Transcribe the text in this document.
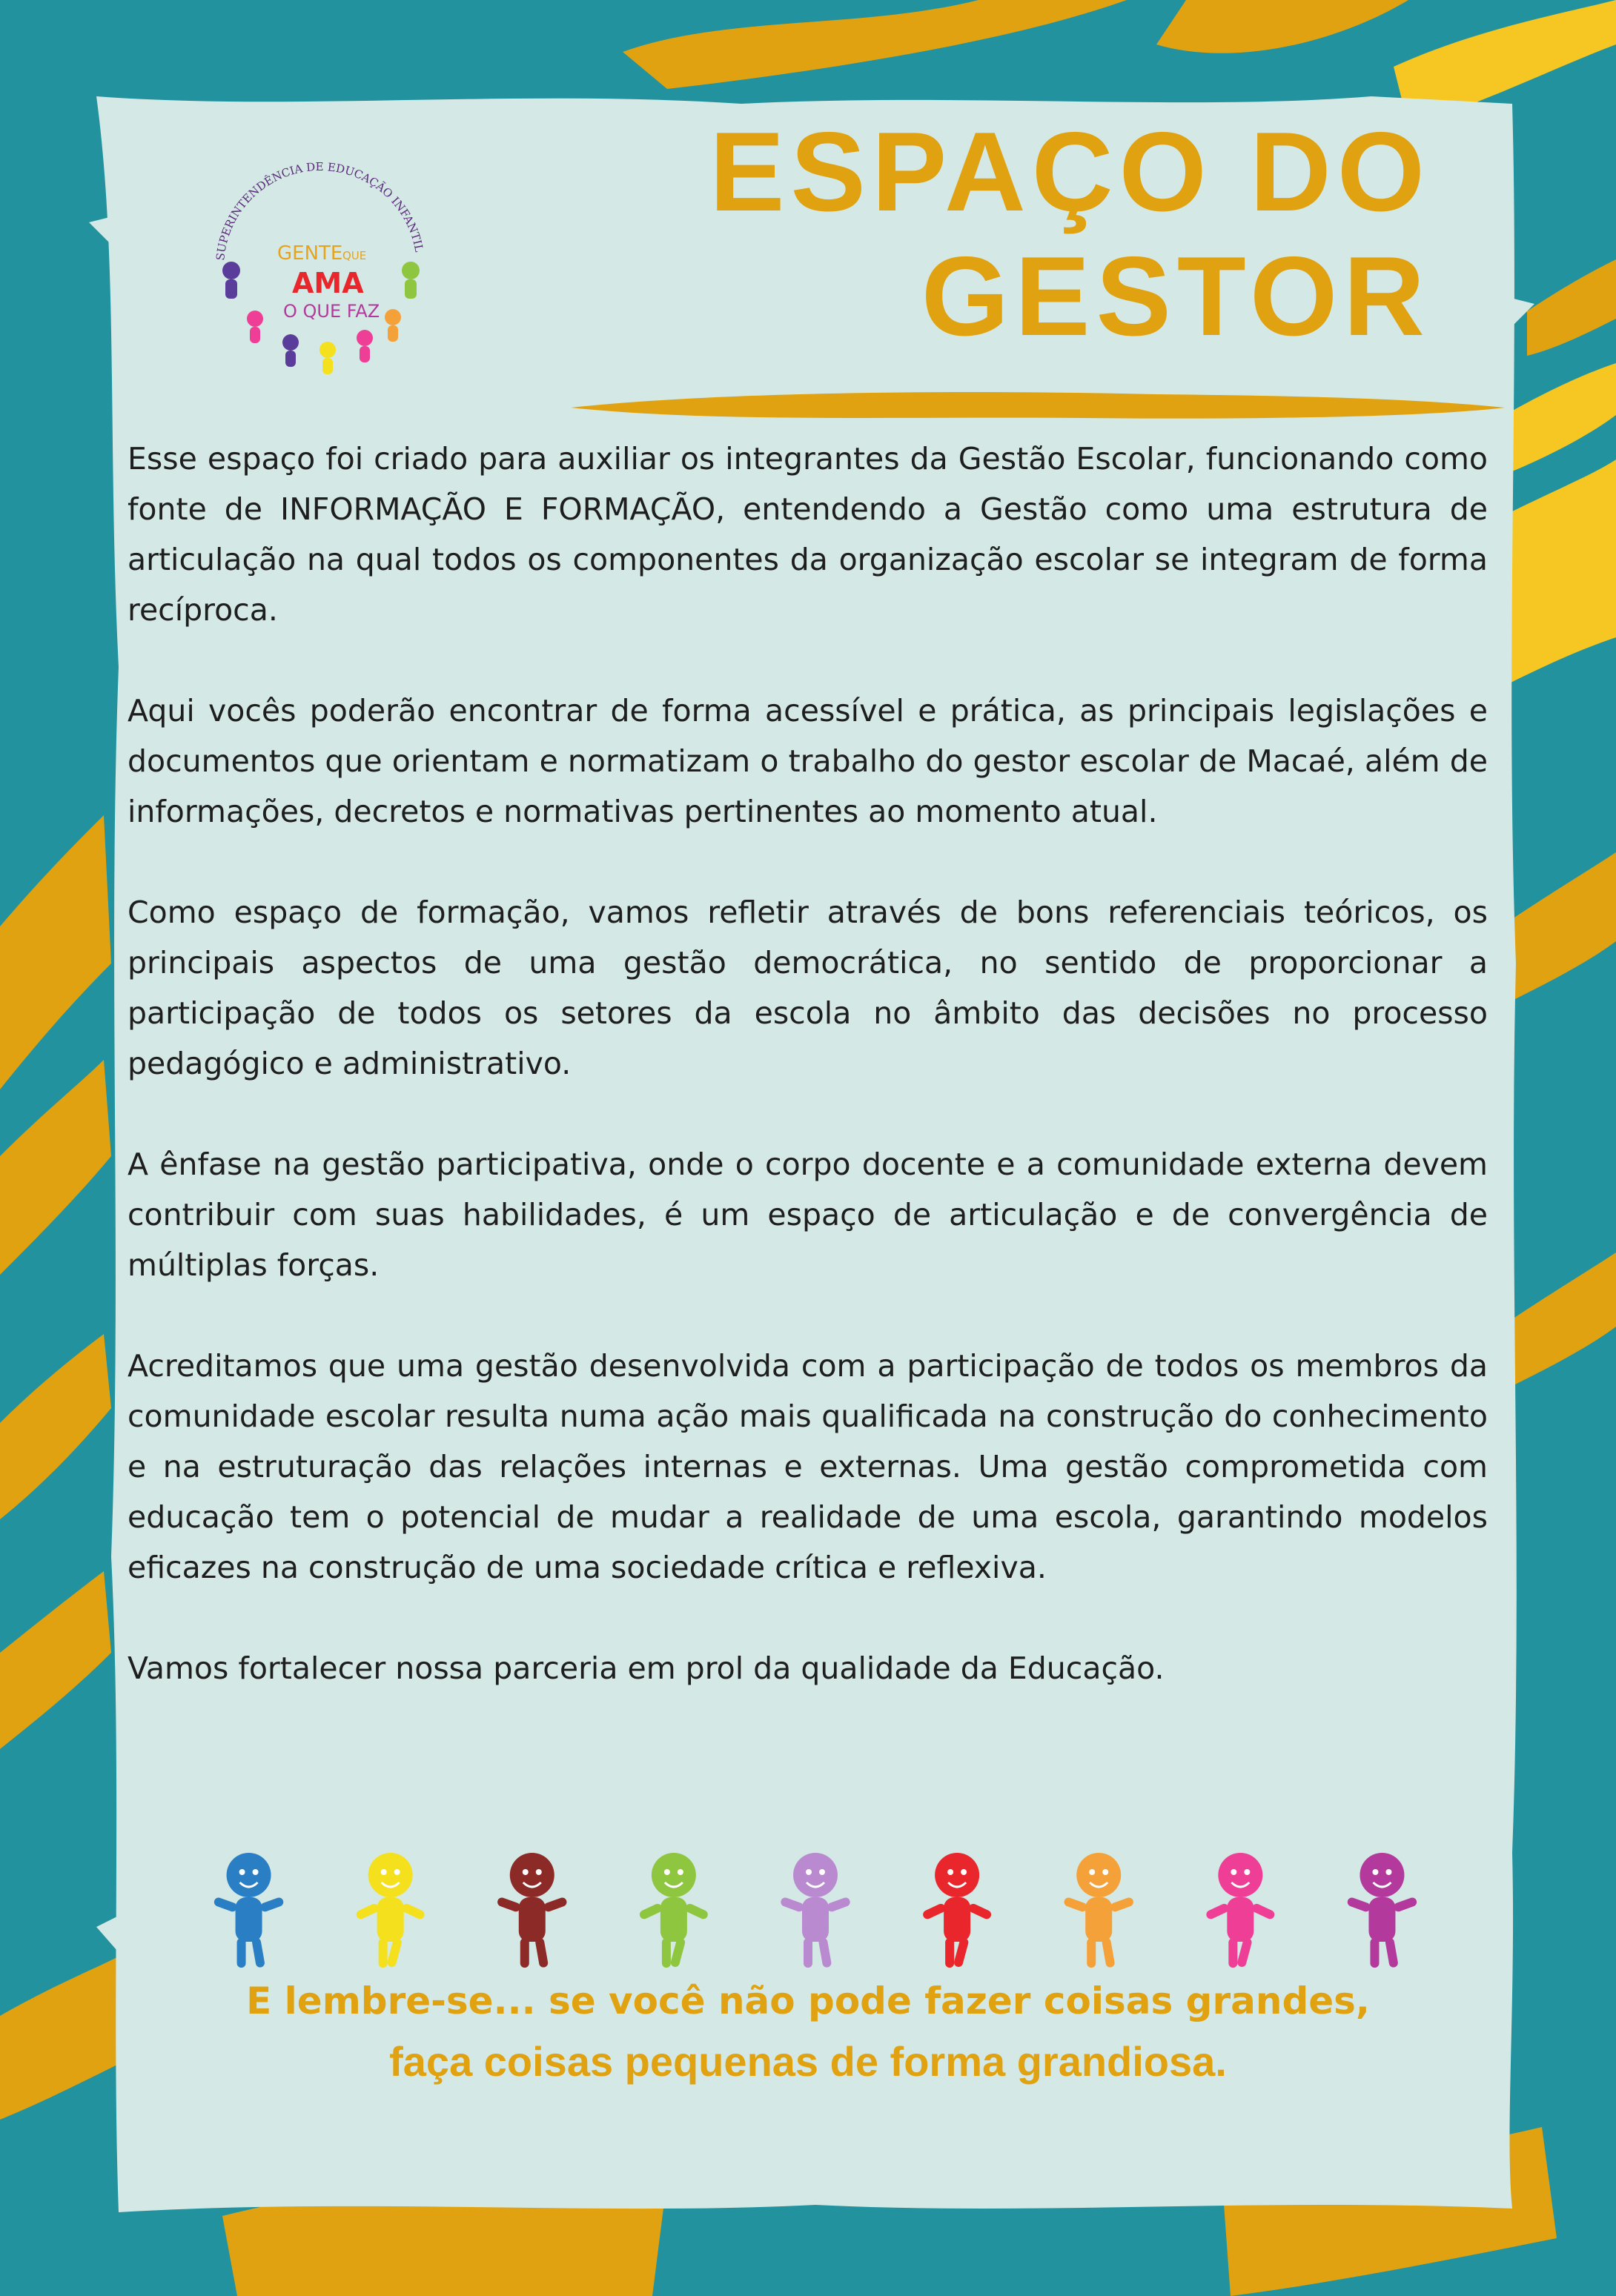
SUPERINTENDÊNCIA DE EDUCAÇÃO INFANTIL
GENTE QUE
AMA
O QUE FAZ
ESPAÇO DO
GESTOR

Esse espaço foi criado para auxiliar os integrantes da Gestão Escolar, funcionando como fonte de INFORMAÇÃO E FORMAÇÃO, entendendo a Gestão como uma estrutura de articulação na qual todos os componentes da organização escolar se integram de forma recíproca.

Aqui vocês poderão encontrar de forma acessível e prática, as principais legislações e documentos que orientam e normatizam o trabalho do gestor escolar de Macaé, além de informações, decretos e normativas pertinentes ao momento atual.

Como espaço de formação, vamos refletir através de bons referenciais teóricos, os principais aspectos de uma gestão democrática, no sentido de proporcionar a participação de todos os setores da escola no âmbito das decisões no processo pedagógico e administrativo.

A ênfase na gestão participativa, onde o corpo docente e a comunidade externa devem contribuir com suas habilidades, é um espaço de articulação e de convergência de múltiplas forças.

Acreditamos que uma gestão desenvolvida com a participação de todos os membros da comunidade escolar resulta numa ação mais qualificada na construção do conhecimento e na estruturação das relações internas e externas. Uma gestão comprometida com educação tem o potencial de mudar a realidade de uma escola, garantindo modelos eficazes na construção de uma sociedade crítica e reflexiva.

Vamos fortalecer nossa parceria em prol da qualidade da Educação.

E lembre-se... se você não pode fazer coisas grandes,
faça coisas pequenas de forma grandiosa.
